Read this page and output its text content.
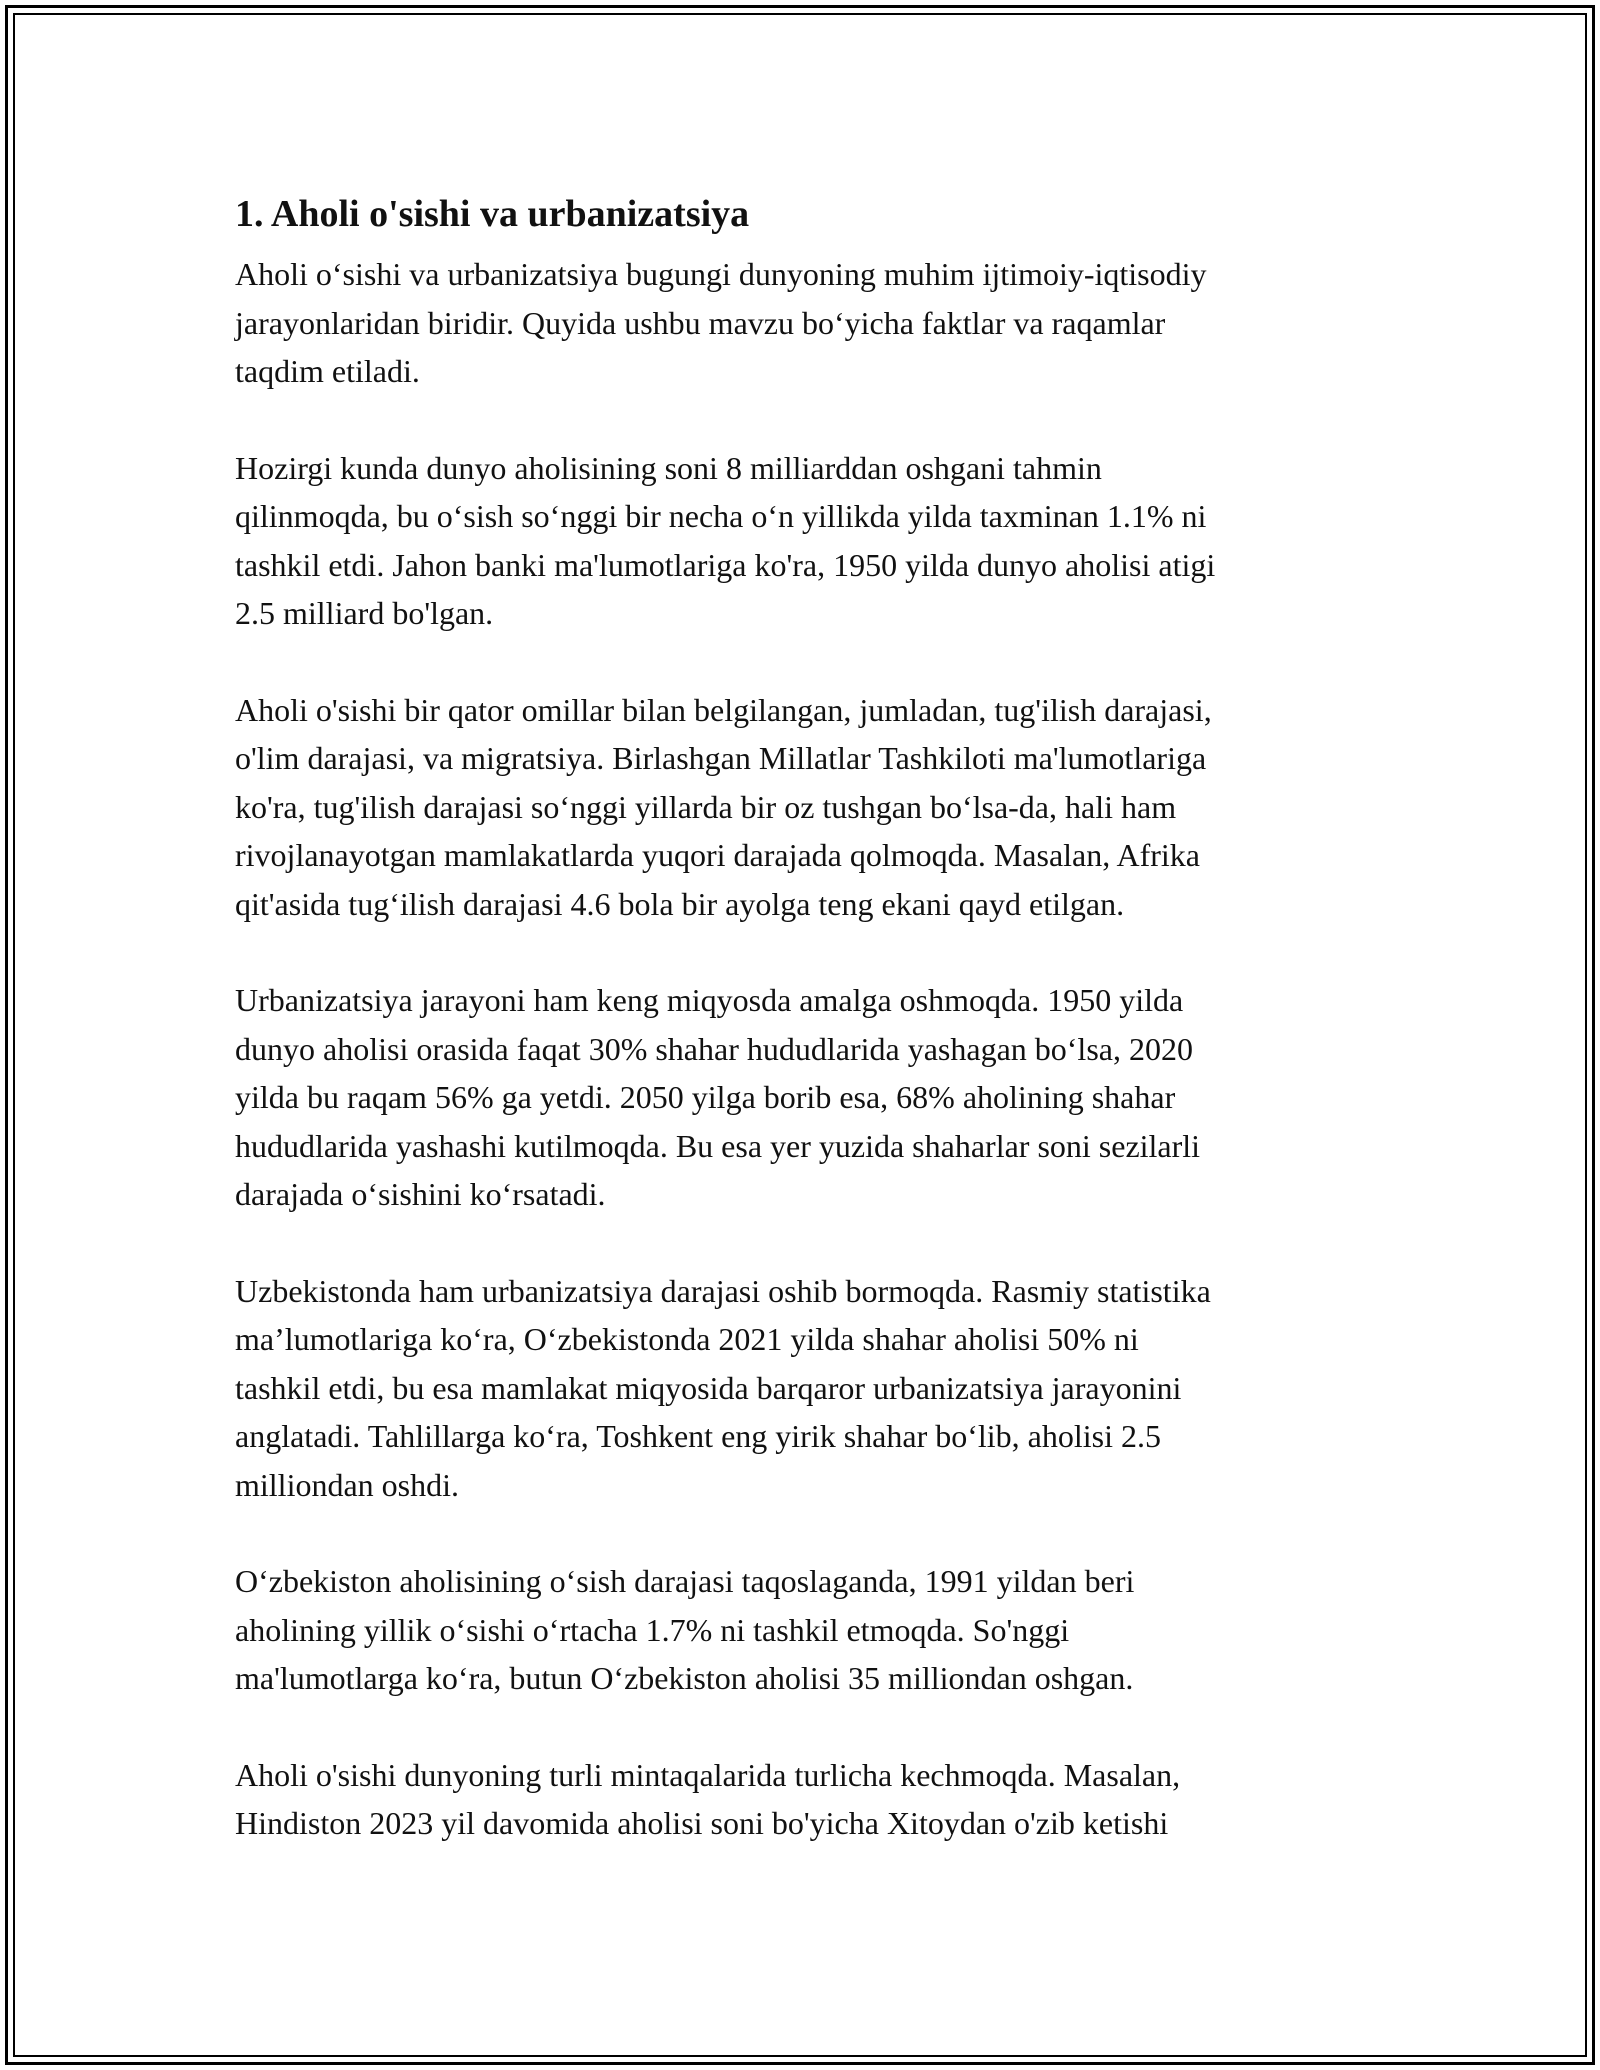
1. Aholi o'sishi va urbanizatsiya

Aholi o‘sishi va urbanizatsiya bugungi dunyoning muhim ijtimoiy-iqtisodiy
jarayonlaridan biridir. Quyida ushbu mavzu bo‘yicha faktlar va raqamlar
taqdim etiladi.

Hozirgi kunda dunyo aholisining soni 8 milliarddan oshgani tahmin
qilinmoqda, bu o‘sish so‘nggi bir necha o‘n yillikda yilda taxminan 1.1% ni
tashkil etdi. Jahon banki ma'lumotlariga ko'ra, 1950 yilda dunyo aholisi atigi
2.5 milliard bo'lgan.

Aholi o'sishi bir qator omillar bilan belgilangan, jumladan, tug'ilish darajasi,
o'lim darajasi, va migratsiya. Birlashgan Millatlar Tashkiloti ma'lumotlariga
ko'ra, tug'ilish darajasi so‘nggi yillarda bir oz tushgan bo‘lsa-da, hali ham
rivojlanayotgan mamlakatlarda yuqori darajada qolmoqda. Masalan, Afrika
qit'asida tug‘ilish darajasi 4.6 bola bir ayolga teng ekani qayd etilgan.

Urbanizatsiya jarayoni ham keng miqyosda amalga oshmoqda. 1950 yilda
dunyo aholisi orasida faqat 30% shahar hududlarida yashagan bo‘lsa, 2020
yilda bu raqam 56% ga yetdi. 2050 yilga borib esa, 68% aholining shahar
hududlarida yashashi kutilmoqda. Bu esa yer yuzida shaharlar soni sezilarli
darajada o‘sishini ko‘rsatadi.

Uzbekistonda ham urbanizatsiya darajasi oshib bormoqda. Rasmiy statistika
ma’lumotlariga ko‘ra, O‘zbekistonda 2021 yilda shahar aholisi 50% ni
tashkil etdi, bu esa mamlakat miqyosida barqaror urbanizatsiya jarayonini
anglatadi. Tahlillarga ko‘ra, Toshkent eng yirik shahar bo‘lib, aholisi 2.5
milliondan oshdi.

O‘zbekiston aholisining o‘sish darajasi taqoslaganda, 1991 yildan beri
aholining yillik o‘sishi o‘rtacha 1.7% ni tashkil etmoqda. So'nggi
ma'lumotlarga ko‘ra, butun O‘zbekiston aholisi 35 milliondan oshgan.

Aholi o'sishi dunyoning turli mintaqalarida turlicha kechmoqda. Masalan,
Hindiston 2023 yil davomida aholisi soni bo'yicha Xitoydan o'zib ketishi
